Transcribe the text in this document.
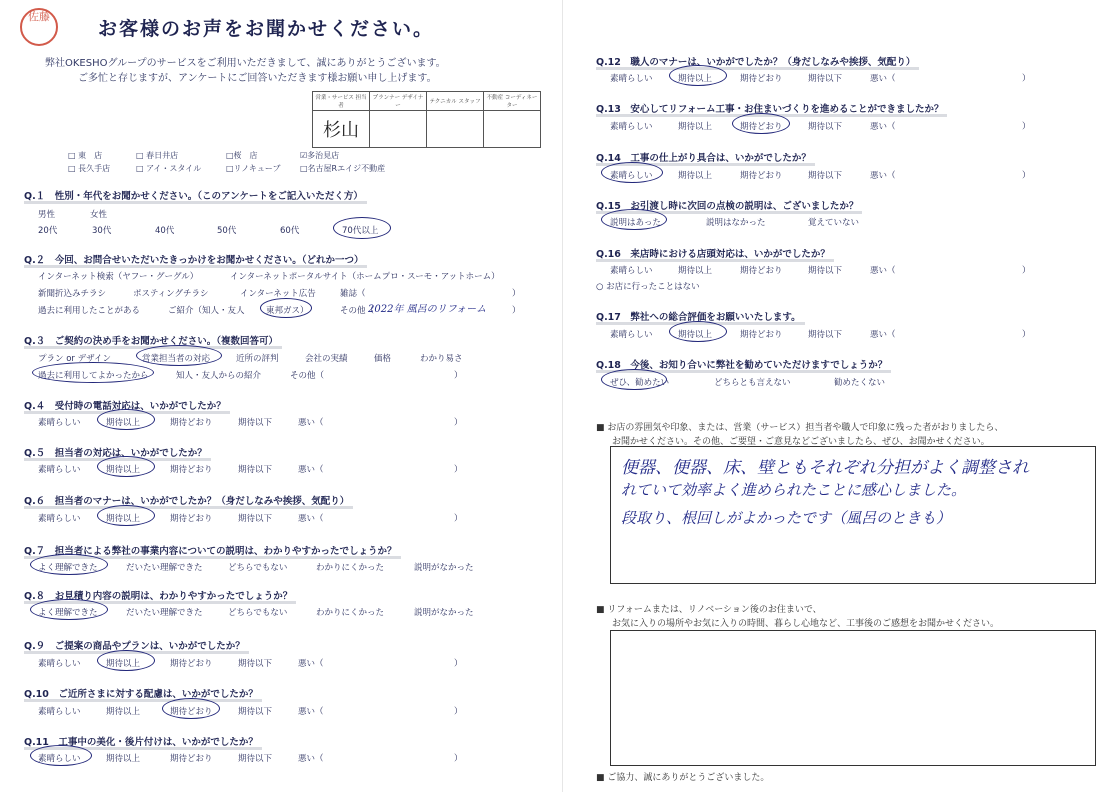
佐藤
お客様のお声をお聞かせください。
弊社OKESHOグループのサービスをご利用いただきまして、誠にありがとうございます。
ご多忙と存じますが、アンケートにご回答いただきます様お願い申し上げます。
営業・サービス 担当者	プランナー デザイナー	テクニカル スタッフ	不動産 コーディネーター
杉山			
□ 東　店	□ 春日井店	□桜　店	☑多治見店
□ 長久手店	□ アイ・スタイル	□リノキューブ □名古屋Rエイジ不動産
Q.１　 性別・年代をお聞かせください。（このアンケートをご記入いただく方）
男性	女性
20代	30代	40代	50代	60代	70代以上
Q.２　 今回、お問合せいただいたきっかけをお聞かせください。（どれか一つ）
インターネット検索（ヤフー・グーグル）	インターネットポータルサイト（ホームプロ・スーモ・アットホーム）
新聞折込みチラシ	ポスティングチラシ	インターネット広告	雑誌（	）
過去に利用したことがある	ご紹介（知人・友人	東邦ガス）	その他（
2022年 風呂のリフォーム	）
Q.３　 ご契約の決め手をお聞かせください。（複数回答可）
プラン or デザイン	営業担当者の対応	近所の評判	会社の実績	価格	わかり易さ
過去に利用してよかったから	知人・友人からの紹介	その他（	）
Q.４　 受付時の電話対応は、いかがでしたか？
素晴らしい	期待以上	期待どおり	期待以下	悪い（	）
Q.５　 担当者の対応は、いかがでしたか？
素晴らしい	期待以上	期待どおり	期待以下	悪い（	）
Q.６　 担当者のマナーは、いかがでしたか？（身だしなみや挨拶、気配り）
素晴らしい	期待以上	期待どおり	期待以下	悪い（	）
Q.７　 担当者による弊社の事業内容についての説明は、わかりやすかったでしょうか？
よく理解できた	だいたい理解できた	どちらでもない	わかりにくかった	説明がなかった
Q.８　 お見積り内容の説明は、わかりやすかったでしょうか？
よく理解できた	だいたい理解できた	どちらでもない	わかりにくかった	説明がなかった
Q.９　 ご提案の商品やプランは、いかがでしたか？
素晴らしい	期待以上	期待どおり	期待以下	悪い（	）
Q.10　 ご近所さまに対する配慮は、いかがでしたか？
素晴らしい	期待以上	期待どおり	期待以下	悪い（	）
Q.11　 工事中の美化・後片付けは、いかがでしたか？
素晴らしい	期待以上	期待どおり	期待以下	悪い（	）
Q.12　 職人のマナーは、いかがでしたか？（身だしなみや挨拶、気配り）
素晴らしい	期待以上	期待どおり	期待以下	悪い（	）
Q.13　 安心してリフォーム工事・お住まいづくりを進めることができましたか？
素晴らしい	期待以上	期待どおり	期待以下	悪い（	）
Q.14　 工事の仕上がり具合は、いかがでしたか？
素晴らしい	期待以上	期待どおり	期待以下	悪い（	）
Q.15　 お引渡し時に次回の点検の説明は、ございましたか？
説明はあった	説明はなかった	覚えていない
Q.16　 来店時における店頭対応は、いかがでしたか？
素晴らしい	期待以上	期待どおり	期待以下	悪い（	）
○ お店に行ったことはない
Q.17　 弊社への総合評価をお願いいたします。
素晴らしい	期待以上	期待どおり	期待以下	悪い（	）
Q.18　 今後、お知り合いに弊社を勧めていただけますでしょうか？
ぜひ、勧めたい	どちらとも言えない	勧めたくない
■ お店の雰囲気や印象、または、営業（サービス）担当者や職人で印象に残った者がおりましたら、
お聞かせください。その他、ご要望・ご意見などございましたら、ぜひ、お聞かせください。
便器、便器、床、壁ともそれぞれ分担がよく調整され
れていて効率よく進められたことに感心しました。
段取り、根回しがよかったです（風呂のときも）
■ リフォームまたは、リノベーション後のお住まいで、
お気に入りの場所やお気に入りの時間、暮らし心地など、工事後のご感想をお聞かせください。
■ ご協力、誠にありがとうございました。
